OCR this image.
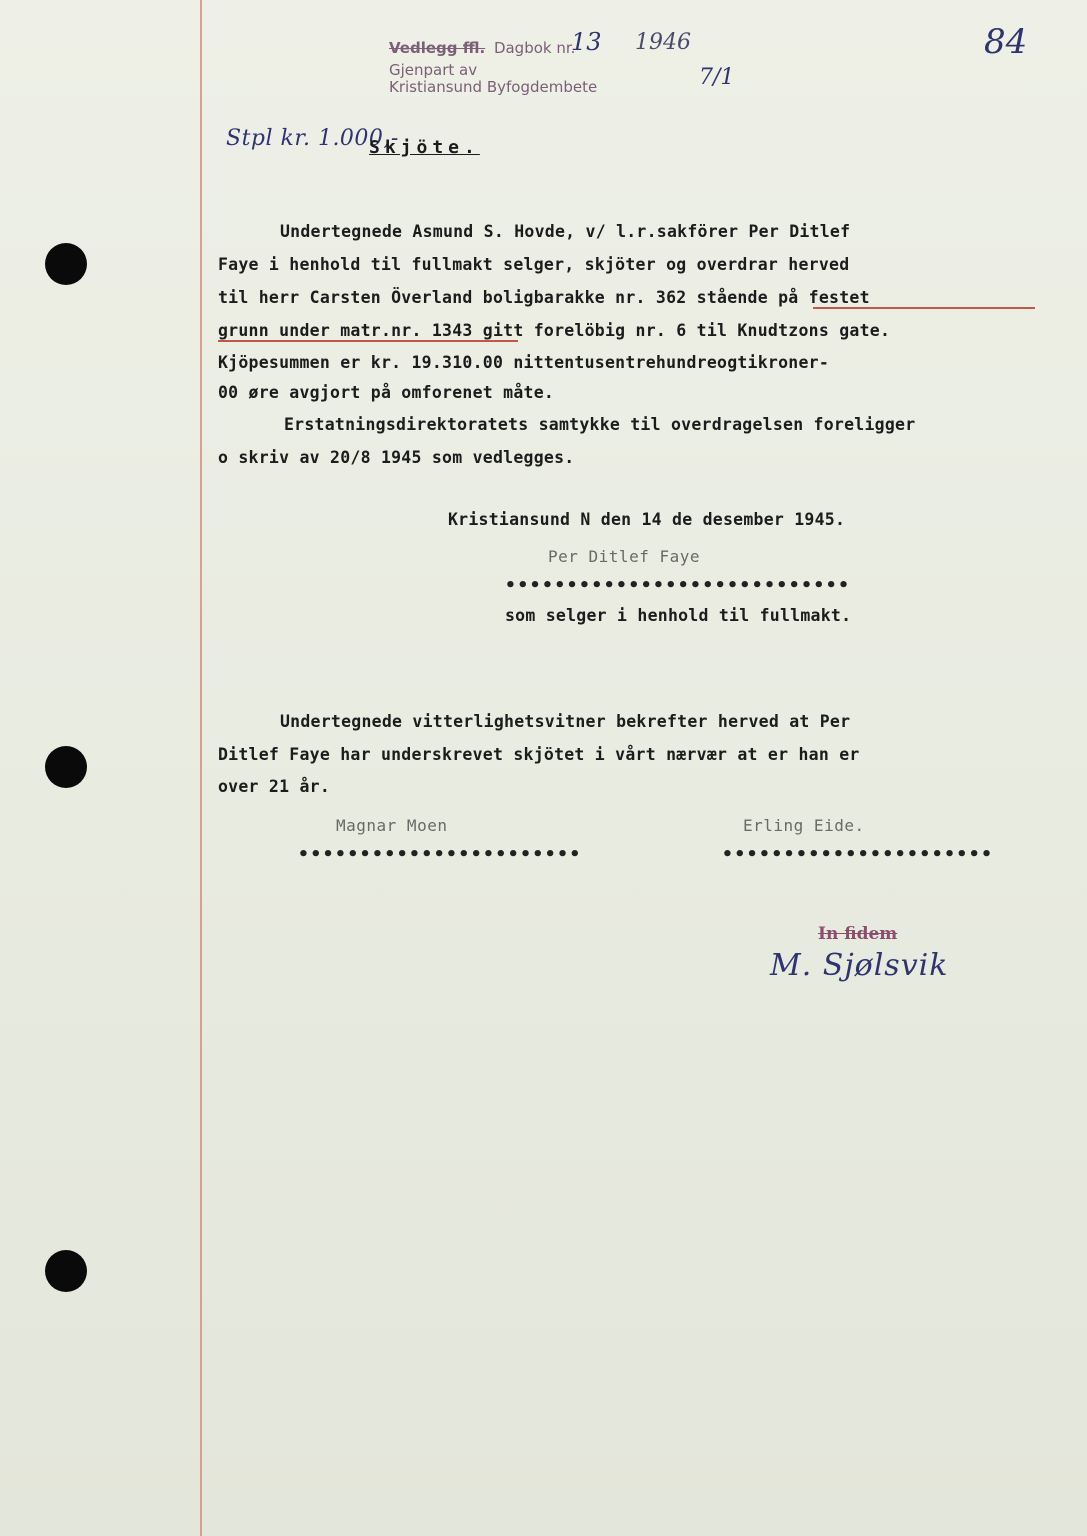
Vedlegg ffl. Dagbok nr.
13 1946
Gjenpart av
Kristiansund Byfogdembete	7/1
84
Stpl kr. 1.000,-
Skjöte.
Undertegnede Asmund S. Hovde, v/ l.r.sakförer Per Ditlef
Faye i henhold til fullmakt selger, skjöter og overdrar herved
til herr Carsten Överland boligbarakke nr. 362 stående på festet
grunn under matr.nr. 1343 gitt forelöbig nr. 6 til Knudtzons gate.
Kjöpesummen er kr. 19.310.00 nittentusentrehundreogtikroner-
00 øre avgjort på omforenet måte.
Erstatningsdirektoratets samtykke til overdragelsen foreligger
o skriv av 20/8 1945 som vedlegges.
Kristiansund N den 14 de desember 1945.
Per Ditlef Faye
••••••••••••••••••••••••••••
som selger i henhold til fullmakt.
Undertegnede vitterlighetsvitner bekrefter herved at Per
Ditlef Faye har underskrevet skjötet i vårt nærvær at er han er
over 21 år.
Magnar Moen	Erling Eide.
•••••••••••••••••••••••	••••••••••••••••••••••
In fidem
M. Sjølsvik
